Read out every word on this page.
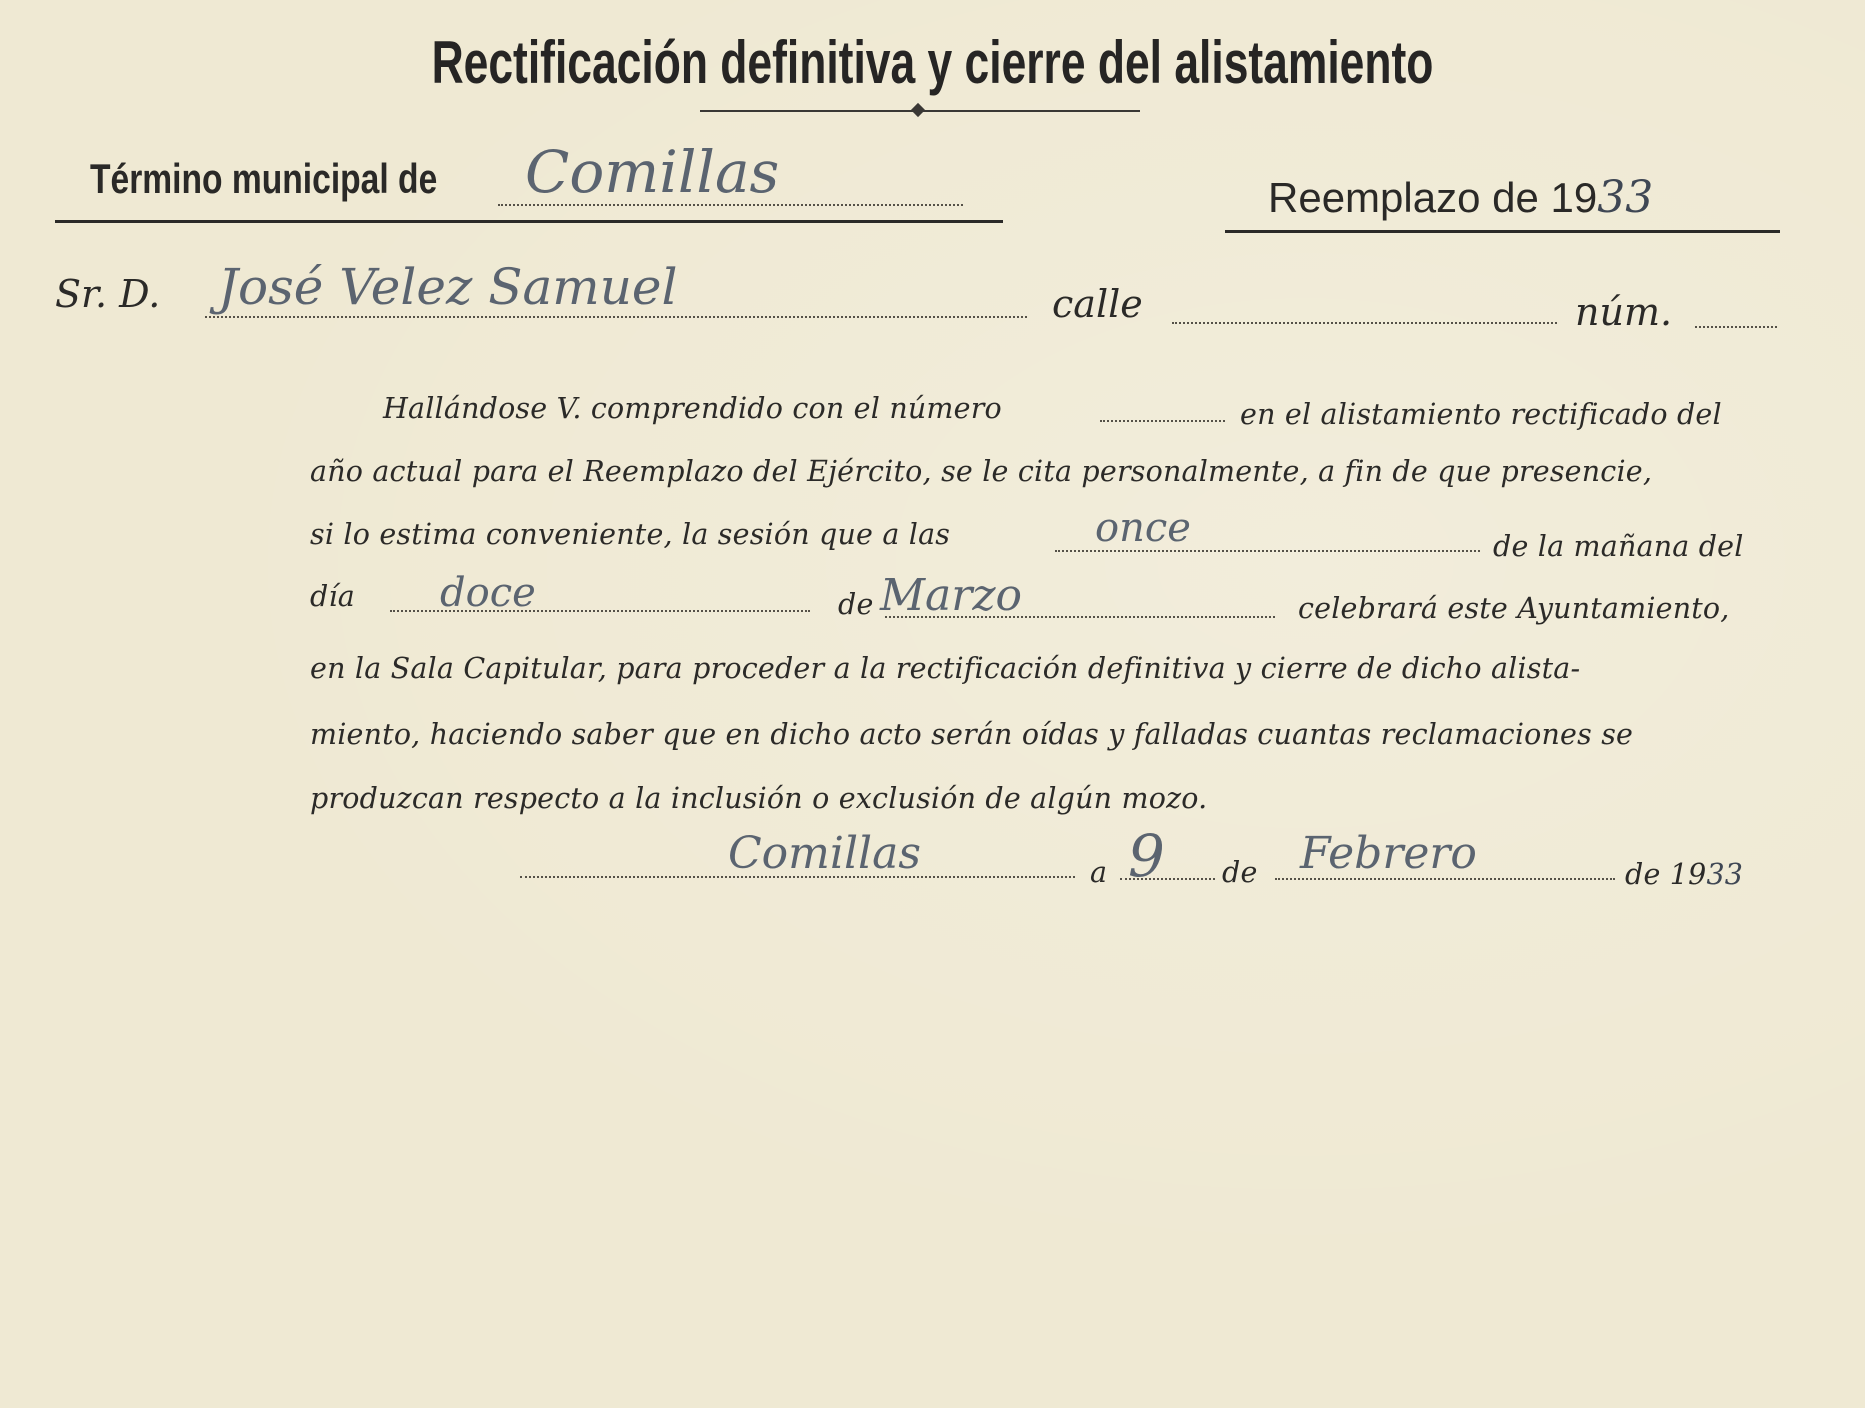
Rectificación definitiva y cierre del alistamiento
Término municipal de Comillas	Reemplazo de 1933
Sr. D. José Velez Samuel	calle	núm.
Hallándose V. comprendido con el número	en el alistamiento rectificado del
año actual para el Reemplazo del Ejército, se le cita personalmente, a fin de que presencie,
si lo estima conveniente, la sesión que a las	once	de la mañana del
día doce	de Marzo	celebrará este Ayuntamiento,
en la Sala Capitular, para proceder a la rectificación definitiva y cierre de dicho alista-
miento, haciendo saber que en dicho acto serán oídas y falladas cuantas reclamaciones se
produzcan respecto a la inclusión o exclusión de algún mozo.
Comillas	a 9 de Febrero	de 1933
